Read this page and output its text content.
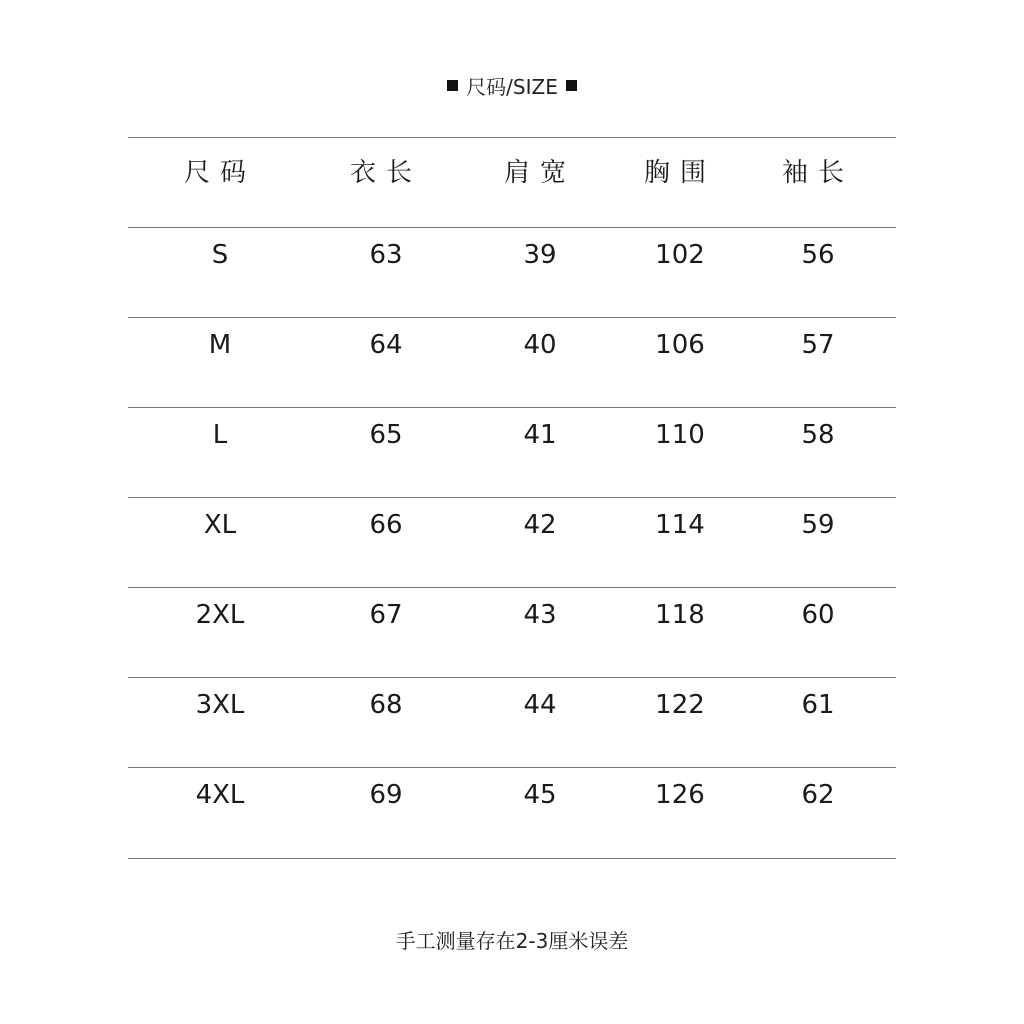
尺码/SIZE
尺码	衣长	肩宽	胸围	袖长
S	63	39	102	56
M	64	40	106	57
L	65	41	110	58
XL	66	42	114	59
2XL	67	43	118	60
3XL	68	44	122	61
4XL	69	45	126	62
手工测量存在2-3厘米误差
